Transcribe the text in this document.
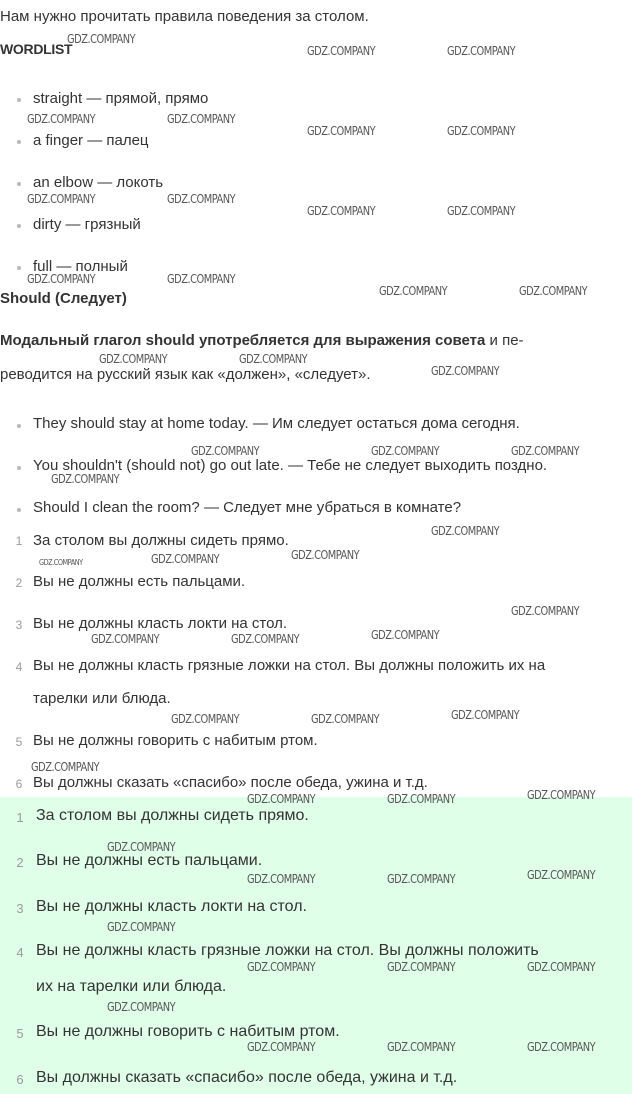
Нам нужно прочитать правила поведения за столом.
WORDLIST
straight — прямой, прямо
a finger — палец
an elbow — локоть
dirty — грязный
full — полный
Should (Следует)
Модальный глагол should употребляется для выражения совета и пе-
реводится на русский язык как «должен», «следует».
They should stay at home today. — Им следует остаться дома сегодня.
You shouldn't (should not) go out late. — Тебе не следует выходить поздно.
Should I clean the room? — Следует мне убраться в комнате?
1 За столом вы должны сидеть прямо.
2 Вы не должны есть пальцами.
3 Вы не должны класть локти на стол.
4 Вы не должны класть грязные ложки на стол. Вы должны положить их на
тарелки или блюда.
5 Вы не должны говорить с набитым ртом.
6 Вы должны сказать «спасибо» после обеда, ужина и т.д.
1 За столом вы должны сидеть прямо.
2 Вы не должны есть пальцами.
3 Вы не должны класть локти на стол.
4 Вы не должны класть грязные ложки на стол. Вы должны положить
их на тарелки или блюда.
5 Вы не должны говорить с набитым ртом.
6 Вы должны сказать «спасибо» после обеда, ужина и т.д.
GDZ.COMPANY
GDZ.COMPANY	GDZ.COMPANY
GDZ.COMPANY	GDZ.COMPANY
GDZ.COMPANY	GDZ.COMPANY
GDZ.COMPANY	GDZ.COMPANY
GDZ.COMPANY	GDZ.COMPANY
GDZ.COMPANY	GDZ.COMPANY
GDZ.COMPANY	GDZ.COMPANY
GDZ.COMPANY	GDZ.COMPANY
GDZ.COMPANY
GDZ.COMPANY	GDZ.COMPANY	GDZ.COMPANY
GDZ.COMPANY
GDZ.COMPANY
GDZ.COMPANY	GDZ.COMPANY	GDZ.COMPANY
GDZ.COMPANY
GDZ.COMPANY	GDZ.COMPANY	GDZ.COMPANY
GDZ.COMPANY	GDZ.COMPANY	GDZ.COMPANY
GDZ.COMPANY
GDZ.COMPANY	GDZ.COMPANY	GDZ.COMPANY
GDZ.COMPANY
GDZ.COMPANY	GDZ.COMPANY	GDZ.COMPANY
GDZ.COMPANY
GDZ.COMPANY	GDZ.COMPANY	GDZ.COMPANY
GDZ.COMPANY
GDZ.COMPANY	GDZ.COMPANY	GDZ.COMPANY
